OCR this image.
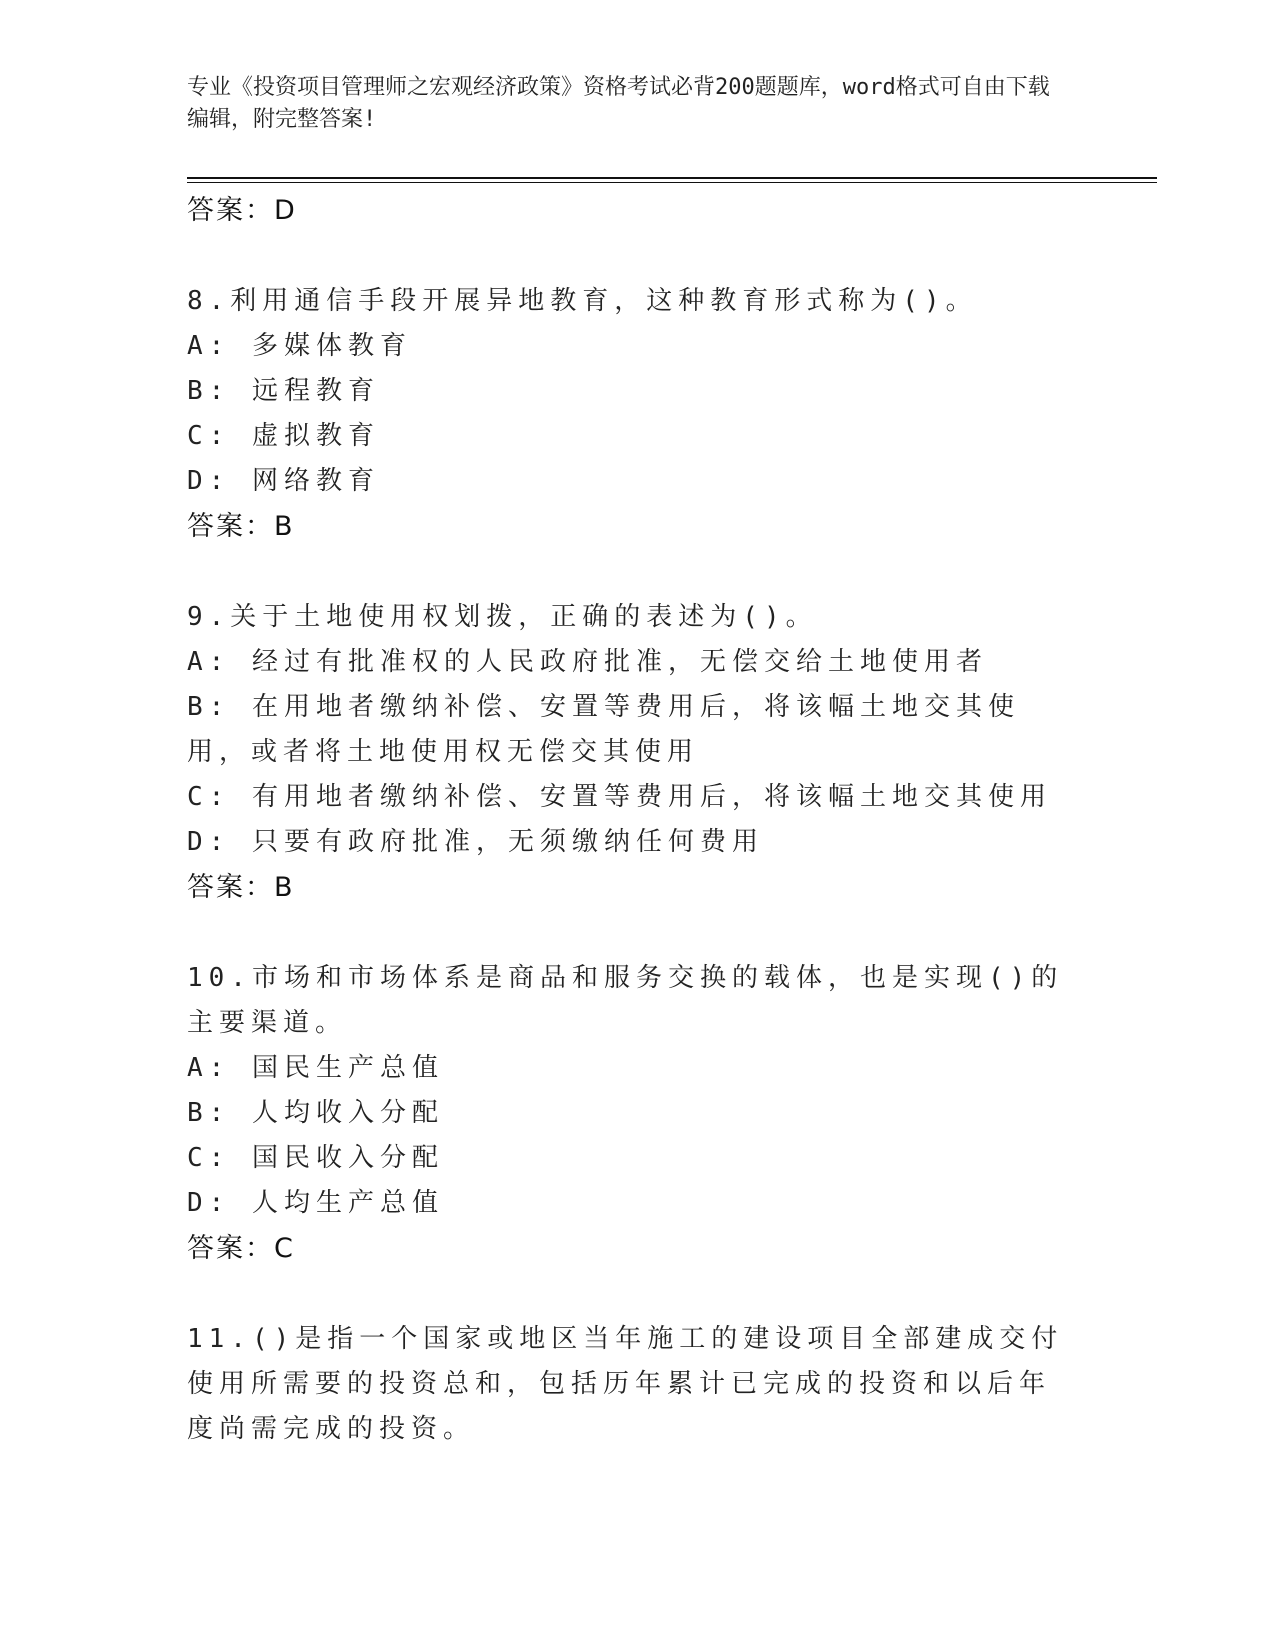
专业《投资项目管理师之宏观经济政策》资格考试必背200题题库，word格式可自由下载编辑，附完整答案!
答案：D
8.利用通信手段开展异地教育，这种教育形式称为()。
A: 多媒体教育
B: 远程教育
C: 虚拟教育
D: 网络教育
答案：B
9.关于土地使用权划拨，正确的表述为()。
A: 经过有批准权的人民政府批准，无偿交给土地使用者
B: 在用地者缴纳补偿、安置等费用后，将该幅土地交其使用，或者将土地使用权无偿交其使用
C: 有用地者缴纳补偿、安置等费用后，将该幅土地交其使用
D: 只要有政府批准，无须缴纳任何费用
答案：B
10.市场和市场体系是商品和服务交换的载体，也是实现()的主要渠道。
A: 国民生产总值
B: 人均收入分配
C: 国民收入分配
D: 人均生产总值
答案：C
11.()是指一个国家或地区当年施工的建设项目全部建成交付使用所需要的投资总和，包括历年累计已完成的投资和以后年度尚需完成的投资。
